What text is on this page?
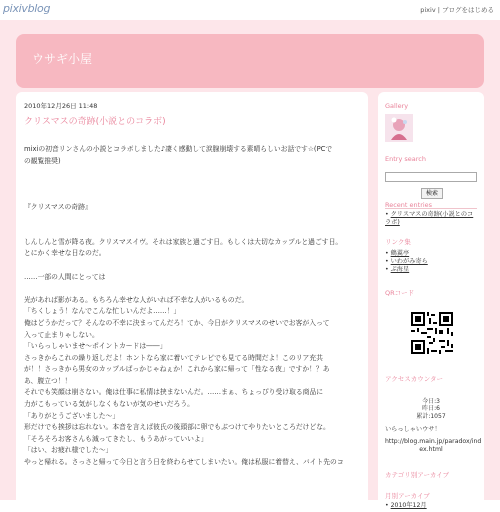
pixivblog	pixiv | ブログをはじめる
ウサギ小屋
2010年12月26日 11:48
クリスマスの奇跡(小説とのコラボ)

mixiの初音リンさんの小説とコラボしました♪凄く感動して涙腺崩壊する素晴らしいお話です☆(PCで

の観覧推奨)

『クリスマスの奇跡』

しんしんと雪が降る夜。クリスマスイヴ。それは家族と過ごす日。もしくは大切なカップルと過ごす日。

とにかく幸せな日なのだ。

……一部の人間にとっては

光があれば影がある。もちろん幸せな人がいれば不幸な人がいるものだ。

「ちくしょう！なんでこんな忙しいんだよ……！」

俺はどうかだって？そんなの不幸に決まってんだろ！てか、今日がクリスマスのせいでお客が入って

入って止まりゃしない。

「いらっしゃいませ〜ポイントカードは――」

さっきからこれの繰り返しだよ！ホントなら家に着いてテレビでも見てる時間だよ！このリア充共

が！！さっきから男女のカップルばっかじゃねぇか！これから家に帰って「性なる夜」ですか！？あ

あ、腹立つ！！

それでも笑顔は崩さない。俺は仕事に私情は挟まないんだ。……まぁ、ちょっぴり受け取る商品に

力がこもっている気がしなくもないが気のせいだろう。

「ありがとうございました〜」

形だけでも挨拶は忘れない。本音を言えば彼氏の後頭部に卵でもぶつけてやりたいところだけどな。

「そろそろお客さんも減ってきたし、もうあがっていいよ」

「はい、お疲れ様でした〜」

やっと帰れる。さっさと帰って今日と言う日を終わらせてしまいたい。俺は私服に着替え、バイト先のコ

Gallery
Entry search
検索
Recent entries
• クリスマスの奇跡(小説とのコラボ)
リンク集
• 鶴翼亭
• いわがみ寄ら
• ぷ海星
QRコード
アクセスカウンター
今日:3
昨日:6
累計:1057
いらっしゃいウサ！
http://blog.main.jp/paradox/ind
ex.html
カテゴリ別アーカイブ
月別アーカイブ
• 2010年12月
